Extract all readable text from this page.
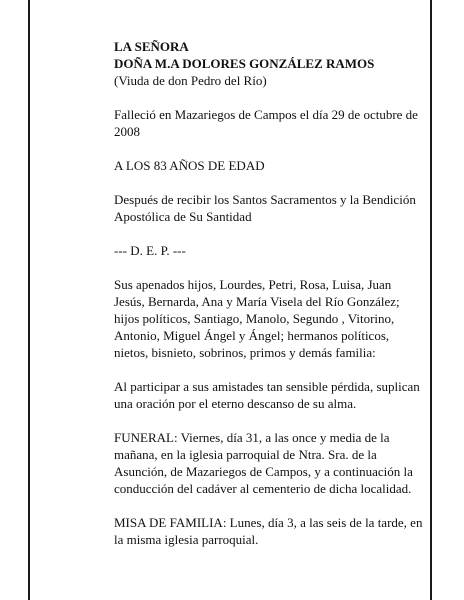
LA SEÑORA

DOÑA M.A DOLORES GONZÁLEZ RAMOS

(Viuda de don Pedro del Río)

Falleció en Mazariegos de Campos el día 29 de octubre de 2008

A LOS 83 AÑOS DE EDAD

Después de recibir los Santos Sacramentos y la Bendición Apostólica de Su Santidad

--- D. E. P. ---

Sus apenados hijos, Lourdes, Petri, Rosa, Luisa, Juan Jesús, Bernarda, Ana y María Visela del Río González; hijos políticos, Santiago, Manolo, Segundo , Vitorino, Antonio, Miguel Ángel y Ángel; hermanos políticos, nietos, bisnieto, sobrinos, primos y demás familia:

Al participar a sus amistades tan sensible pérdida, suplican una oración por el eterno descanso de su alma.

FUNERAL: Viernes, día 31, a las once y media de la mañana, en la iglesia parroquial de Ntra. Sra. de la Asunción, de Mazariegos de Campos, y a continuación la conducción del cadáver al cementerio de dicha localidad.

MISA DE FAMILIA: Lunes, día 3, a las seis de la tarde, en la misma iglesia parroquial.
